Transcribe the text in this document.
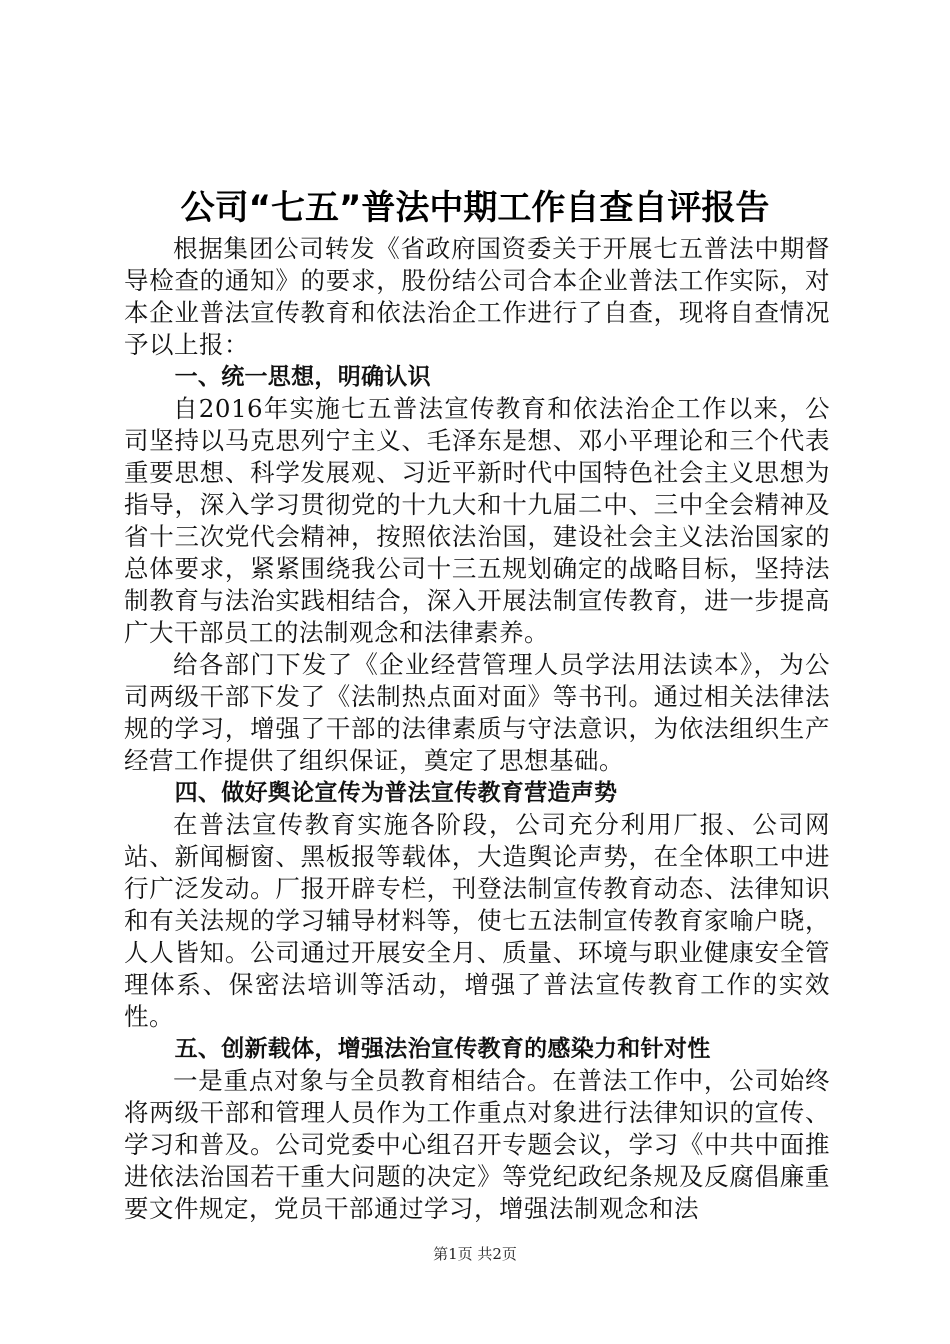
公司“七五”普法中期工作自查自评报告

根据集团公司转发《省政府国资委关于开展七五普法中期督导检查的通知》的要求，股份结公司合本企业普法工作实际，对本企业普法宣传教育和依法治企工作进行了自查，现将自查情况予以上报：

一、统一思想，明确认识

自2016年实施七五普法宣传教育和依法治企工作以来，公司坚持以马克思列宁主义、毛泽东是想、邓小平理论和三个代表重要思想、科学发展观、习近平新时代中国特色社会主义思想为指导，深入学习贯彻党的十九大和十九届二中、三中全会精神及省十三次党代会精神，按照依法治国，建设社会主义法治国家的总体要求，紧紧围绕我公司十三五规划确定的战略目标，坚持法制教育与法治实践相结合，深入开展法制宣传教育，进一步提高广大干部员工的法制观念和法律素养。

给各部门下发了《企业经营管理人员学法用法读本》，为公司两级干部下发了《法制热点面对面》等书刊。通过相关法律法规的学习，增强了干部的法律素质与守法意识，为依法组织生产经营工作提供了组织保证，奠定了思想基础。

四、做好舆论宣传为普法宣传教育营造声势

在普法宣传教育实施各阶段，公司充分利用厂报、公司网站、新闻橱窗、黑板报等载体，大造舆论声势，在全体职工中进行广泛发动。厂报开辟专栏，刊登法制宣传教育动态、法律知识和有关法规的学习辅导材料等，使七五法制宣传教育家喻户晓，人人皆知。公司通过开展安全月、质量、环境与职业健康安全管理体系、保密法培训等活动，增强了普法宣传教育工作的实效性。

五、创新载体，增强法治宣传教育的感染力和针对性

一是重点对象与全员教育相结合。在普法工作中，公司始终将两级干部和管理人员作为工作重点对象进行法律知识的宣传、学习和普及。公司党委中心组召开专题会议，学习《中共中面推进依法治国若干重大问题的决定》等党纪政纪条规及反腐倡廉重要文件规定，党员干部通过学习，增强法制观念和法

第1页 共2页
